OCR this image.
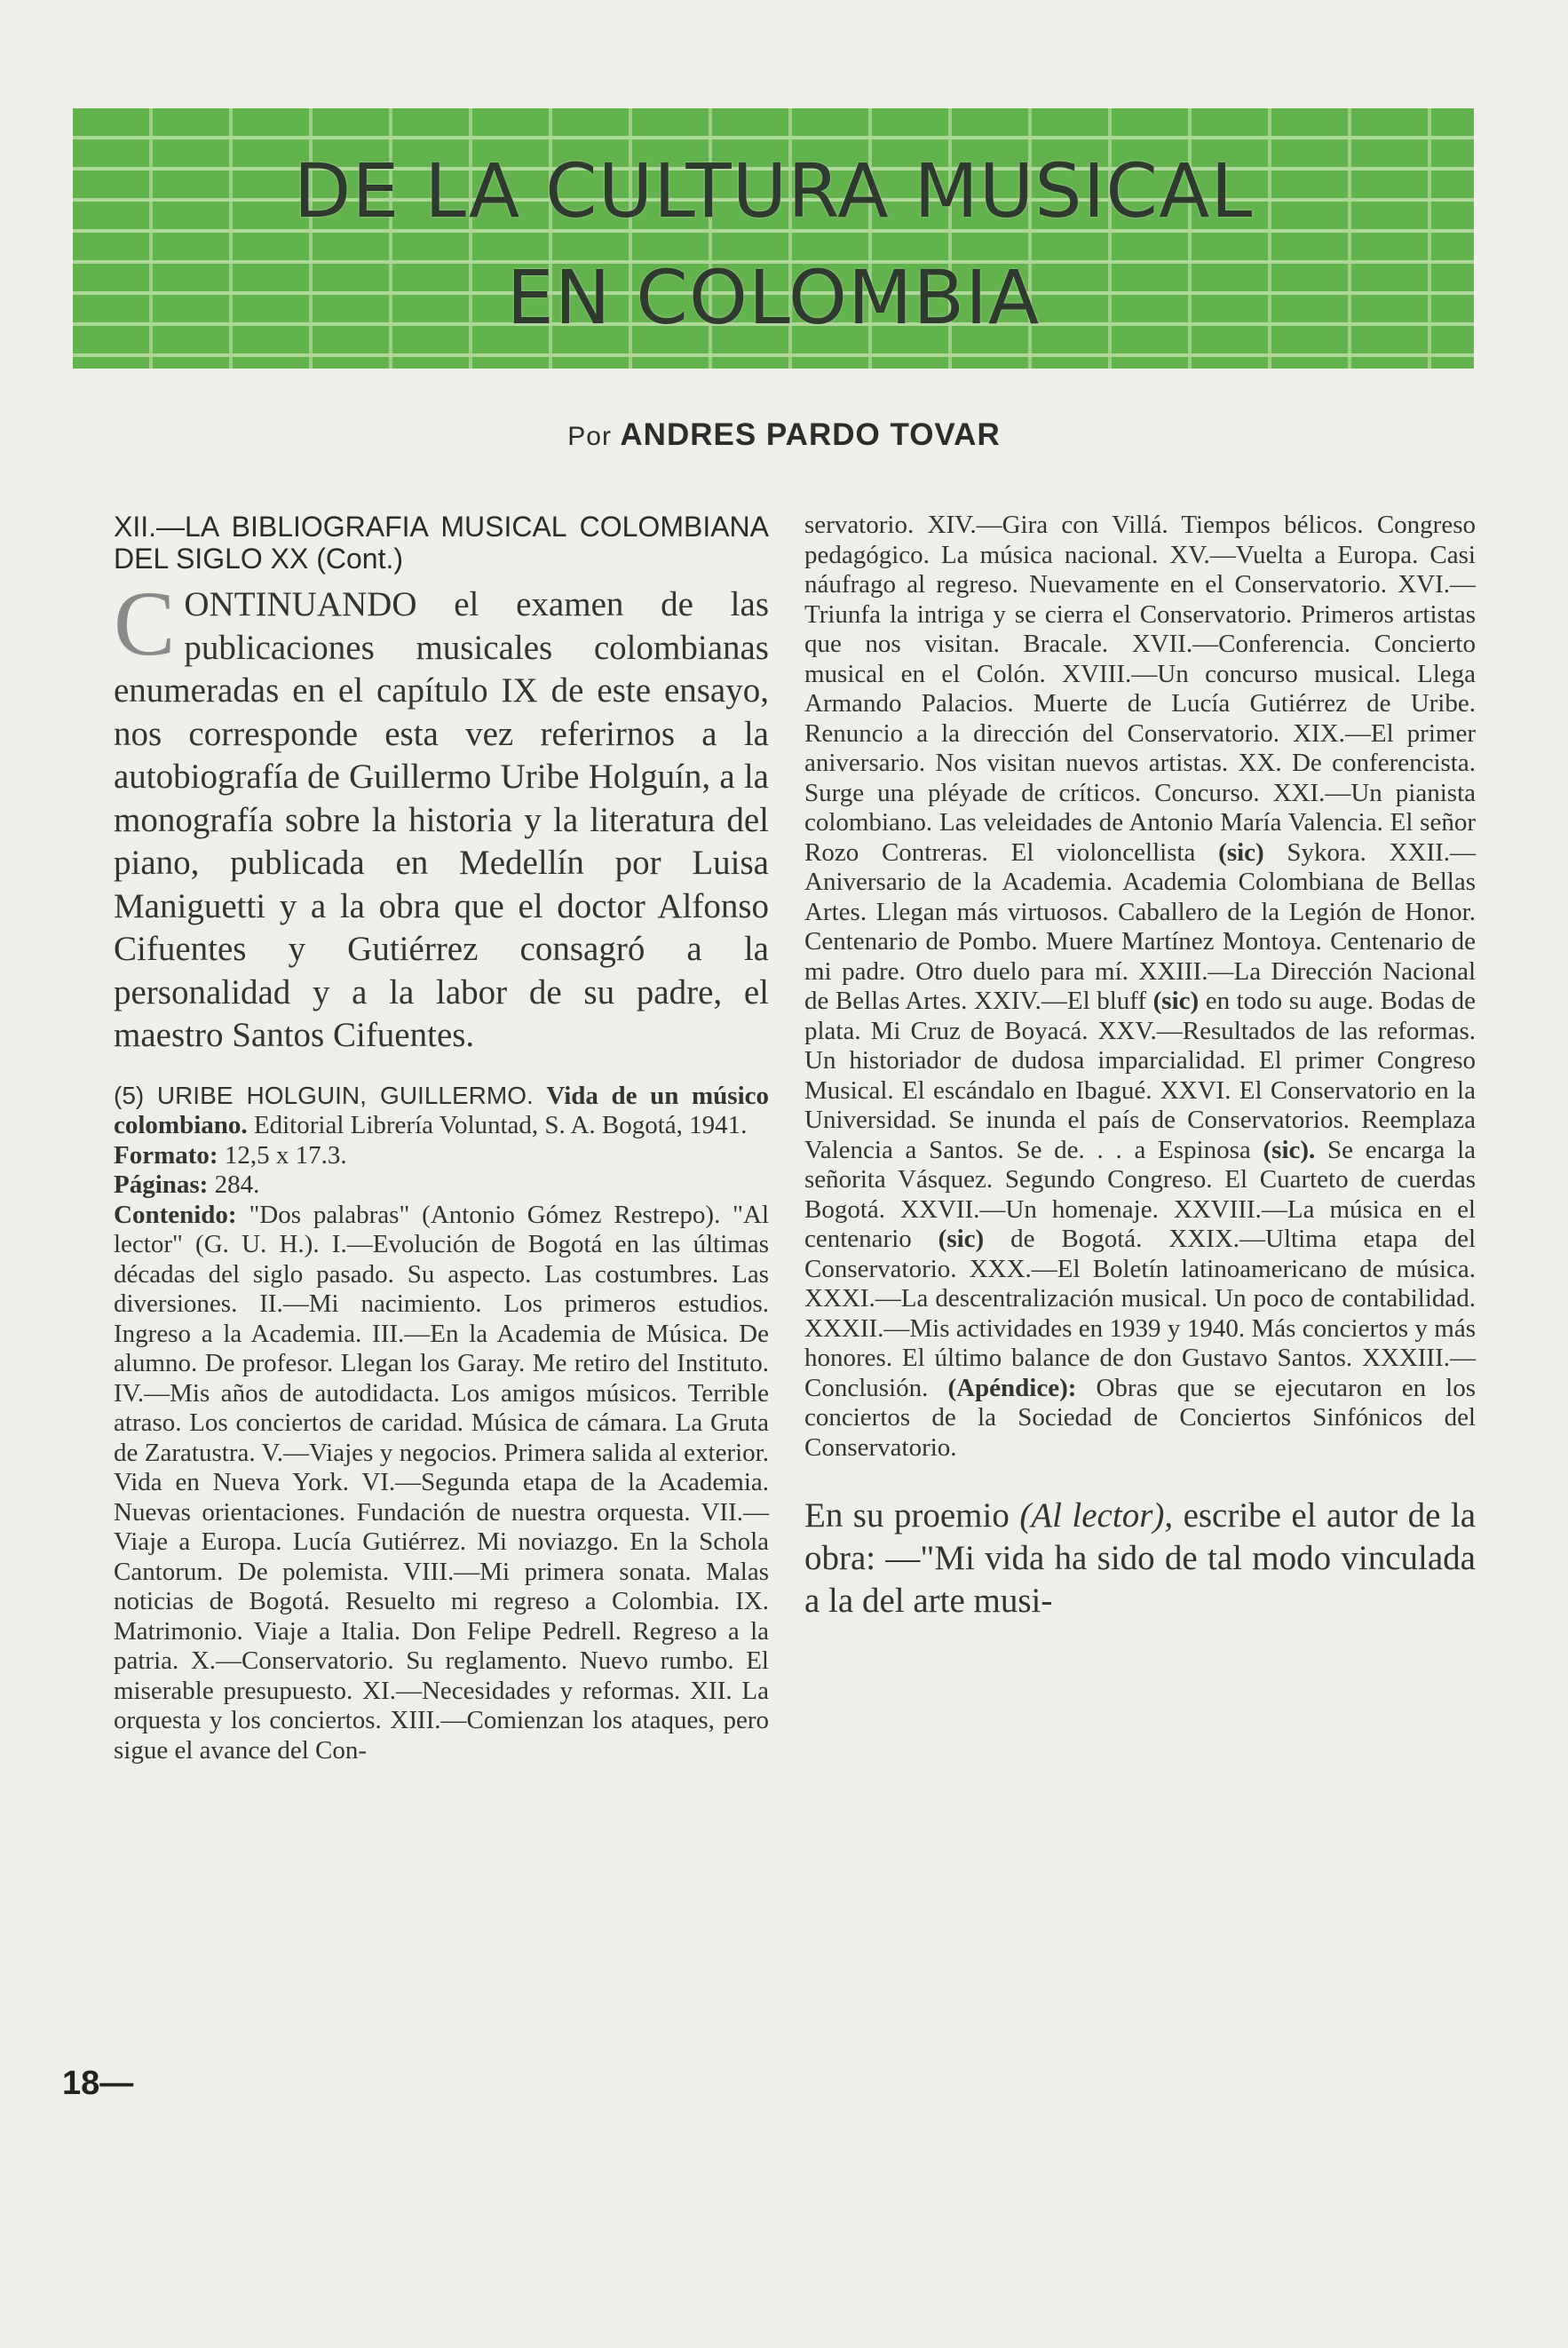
DE LA CULTURA MUSICAL
EN COLOMBIA
Por ANDRES PARDO TOVAR

XII.—LA BIBLIOGRAFIA MUSICAL COLOMBIANA DEL SIGLO XX (Cont.)

CONTINUANDO el examen de las publicaciones musicales colombianas enumeradas en el capítulo IX de este ensayo, nos corresponde esta vez referirnos a la autobiografía de Guillermo Uribe Holguín, a la monografía sobre la historia y la literatura del piano, publicada en Medellín por Luisa Maniguetti y a la obra que el doctor Alfonso Cifuentes y Gutiérrez consagró a la personalidad y a la labor de su padre, el maestro Santos Cifuentes.

(5) URIBE HOLGUIN, GUILLERMO. Vida de un músico colombiano. Editorial Librería Voluntad, S. A. Bogotá, 1941.
Formato: 12,5 x 17.3.
Páginas: 284.
Contenido: "Dos palabras" (Antonio Gómez Restrepo). "Al lector" (G. U. H.). I.—Evolución de Bogotá en las últimas décadas del siglo pasado. Su aspecto. Las costumbres. Las diversiones. II.—Mi nacimiento. Los primeros estudios. Ingreso a la Academia. III.—En la Academia de Música. De alumno. De profesor. Llegan los Garay. Me retiro del Instituto. IV.—Mis años de autodidacta. Los amigos músicos. Terrible atraso. Los conciertos de caridad. Música de cámara. La Gruta de Zaratustra. V.—Viajes y negocios. Primera salida al exterior. Vida en Nueva York. VI.—Segunda etapa de la Academia. Nuevas orientaciones. Fundación de nuestra orquesta. VII.—Viaje a Europa. Lucía Gutiérrez. Mi noviazgo. En la Schola Cantorum. De polemista. VIII.—Mi primera sonata. Malas noticias de Bogotá. Resuelto mi regreso a Colombia. IX. Matrimonio. Viaje a Italia. Don Felipe Pedrell. Regreso a la patria. X.—Conservatorio. Su reglamento. Nuevo rumbo. El miserable presupuesto. XI.—Necesidades y reformas. XII. La orquesta y los conciertos. XIII.—Comienzan los ataques, pero sigue el avance del Con-

servatorio. XIV.—Gira con Villá. Tiempos bélicos. Congreso pedagógico. La música nacional. XV.—Vuelta a Europa. Casi náufrago al regreso. Nuevamente en el Conservatorio. XVI.—Triunfa la intriga y se cierra el Conservatorio. Primeros artistas que nos visitan. Bracale. XVII.—Conferencia. Concierto musical en el Colón. XVIII.—Un concurso musical. Llega Armando Palacios. Muerte de Lucía Gutiérrez de Uribe. Renuncio a la dirección del Conservatorio. XIX.—El primer aniversario. Nos visitan nuevos artistas. XX. De conferencista. Surge una pléyade de críticos. Concurso. XXI.—Un pianista colombiano. Las veleidades de Antonio María Valencia. El señor Rozo Contreras. El violoncellista (sic) Sykora. XXII.—Aniversario de la Academia. Academia Colombiana de Bellas Artes. Llegan más virtuosos. Caballero de la Legión de Honor. Centenario de Pombo. Muere Martínez Montoya. Centenario de mi padre. Otro duelo para mí. XXIII.—La Dirección Nacional de Bellas Artes. XXIV.—El bluff (sic) en todo su auge. Bodas de plata. Mi Cruz de Boyacá. XXV.—Resultados de las reformas. Un historiador de dudosa imparcialidad. El primer Congreso Musical. El escándalo en Ibagué. XXVI. El Conservatorio en la Universidad. Se inunda el país de Conservatorios. Reemplaza Valencia a Santos. Se de. . . a Espinosa (sic). Se encarga la señorita Vásquez. Segundo Congreso. El Cuarteto de cuerdas Bogotá. XXVII.—Un homenaje. XXVIII.—La música en el centenario (sic) de Bogotá. XXIX.—Ultima etapa del Conservatorio. XXX.—El Boletín latinoamericano de música. XXXI.—La descentralización musical. Un poco de contabilidad. XXXII.—Mis actividades en 1939 y 1940. Más conciertos y más honores. El último balance de don Gustavo Santos. XXXIII.—Conclusión. (Apéndice): Obras que se ejecutaron en los conciertos de la Sociedad de Conciertos Sinfónicos del Conservatorio.

En su proemio (Al lector), escribe el autor de la obra: —"Mi vida ha sido de tal modo vinculada a la del arte musi-

18—
